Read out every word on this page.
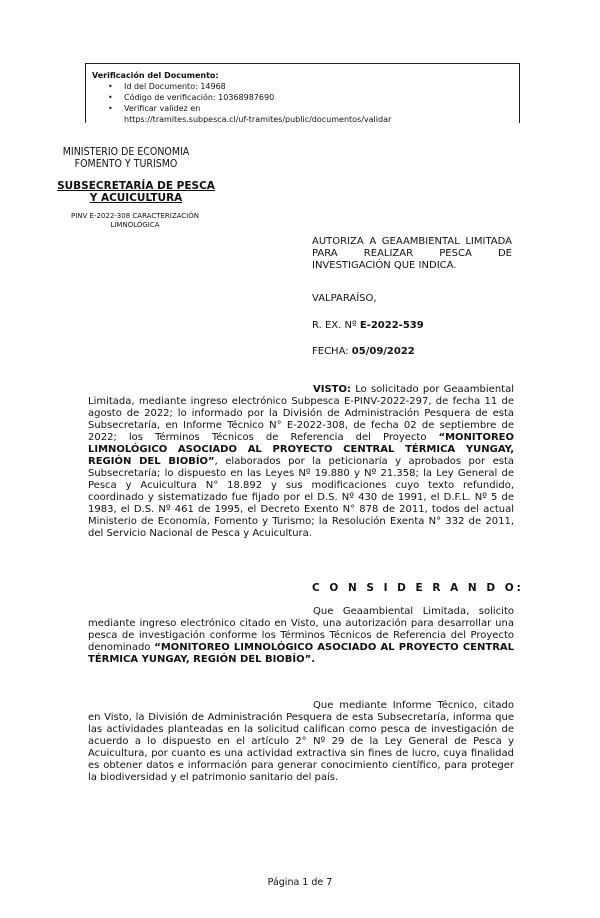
Verificación del Documento:
• Id del Documento: 14968
• Código de verificación: 10368987690
• Verificar validez en
https://tramites.subpesca.cl/uf-tramites/public/documentos/validar
MINISTERIO DE ECONOMIA
FOMENTO Y TURISMO
SUBSECRETARÍA DE PESCA
Y ACUICULTURA
PINV E-2022-308 CARACTERIZACIÓN
LIMNOLÓGICA
AUTORIZA A GEAAMBIENTAL LIMITADA PARA REALIZAR PESCA DE INVESTIGACIÓN QUE INDICA.
VALPARAÍSO,
R. EX. Nº E-2022-539
FECHA: 05/09/2022
VISTO: Lo solicitado por Geaambiental Limitada, mediante ingreso electrónico Subpesca E-PINV-2022-297, de fecha 11 de agosto de 2022; lo informado por la División de Administración Pesquera de esta Subsecretaría, en Informe Técnico N° E-2022-308, de fecha 02 de septiembre de 2022; los Términos Técnicos de Referencia del Proyecto “MONITOREO LIMNOLÓGICO ASOCIADO AL PROYECTO CENTRAL TÉRMICA YUNGAY, REGIÓN DEL BIOBÍO”, elaborados por la peticionaria y aprobados por esta Subsecretaría; lo dispuesto en las Leyes Nº 19.880 y Nº 21.358; la Ley General de Pesca y Acuicultura N° 18.892 y sus modificaciones cuyo texto refundido, coordinado y sistematizado fue fijado por el D.S. Nº 430 de 1991, el D.F.L. Nº 5 de 1983, el D.S. Nº 461 de 1995, el Decreto Exento N° 878 de 2011, todos del actual Ministerio de Economía, Fomento y Turismo; la Resolución Exenta N° 332 de 2011, del Servicio Nacional de Pesca y Acuicultura.
C O N S I D E R A N D O:
Que Geaambiental Limitada, solicito mediante ingreso electrónico citado en Visto, una autorización para desarrollar una pesca de investigación conforme los Términos Técnicos de Referencia del Proyecto denominado “MONITOREO LIMNOLÓGICO ASOCIADO AL PROYECTO CENTRAL TÉRMICA YUNGAY, REGIÓN DEL BIOBÍO”.
Que mediante Informe Técnico, citado en Visto, la División de Administración Pesquera de esta Subsecretaría, informa que las actividades planteadas en la solicitud califican como pesca de investigación de acuerdo a lo dispuesto en el artículo 2° Nº 29 de la Ley General de Pesca y Acuicultura, por cuanto es una actividad extractiva sin fines de lucro, cuya finalidad es obtener datos e información para generar conocimiento científico, para proteger la biodiversidad y el patrimonio sanitario del país.
Página 1 de 7
